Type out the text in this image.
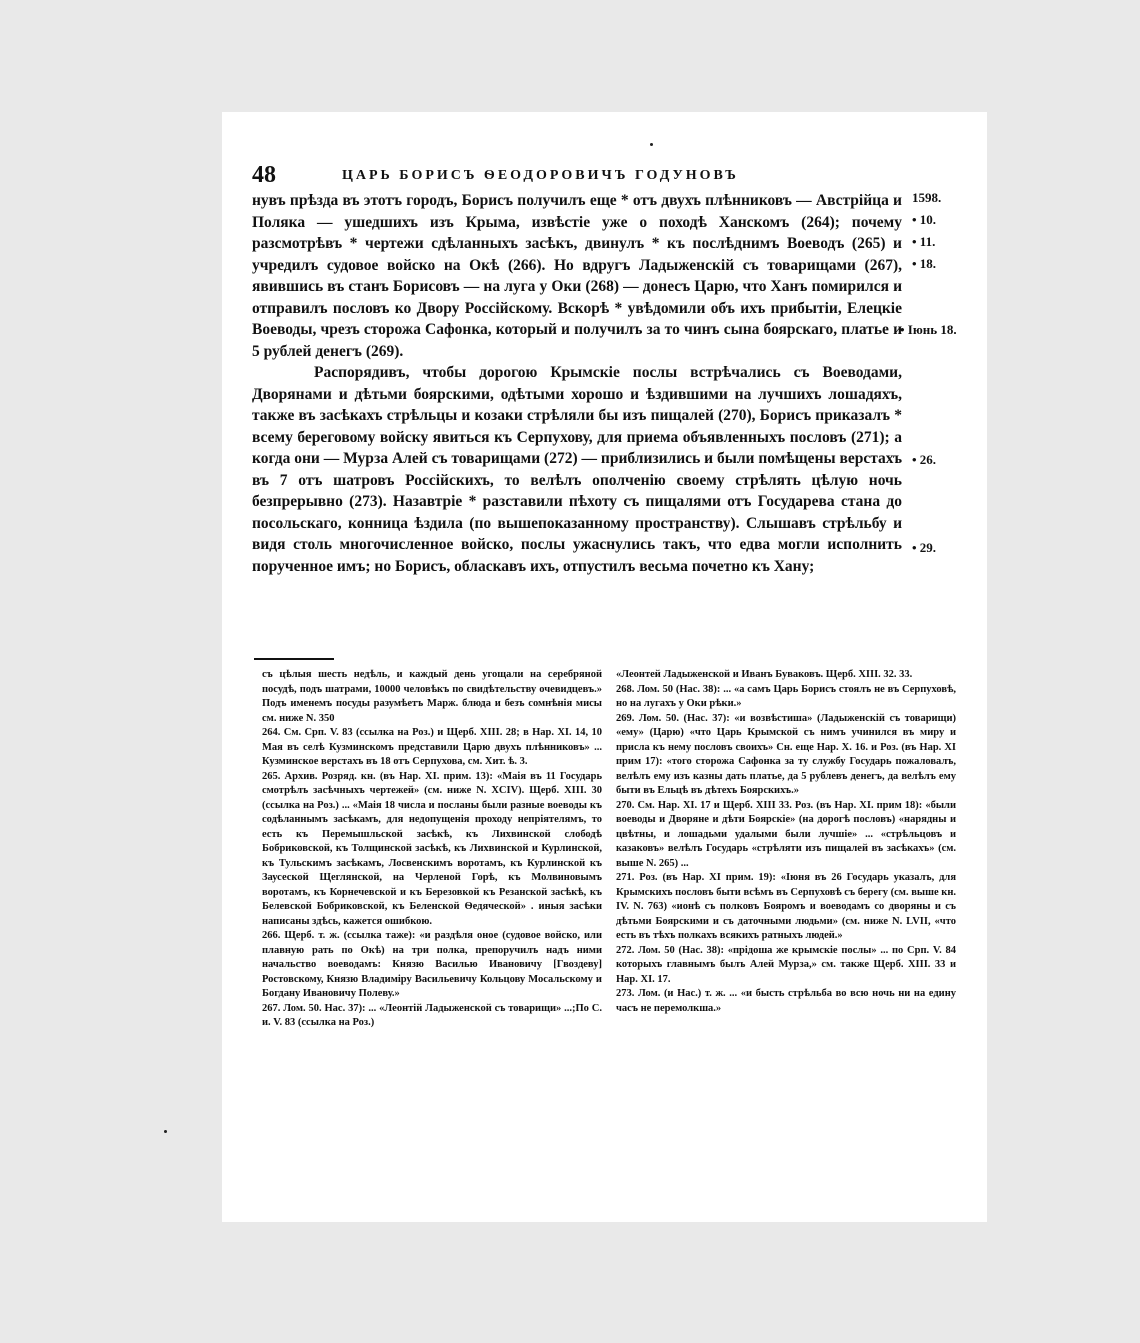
48	ЦАРЬ БОРИСЪ ѲЕОДОРОВИЧЪ ГОДУНОВЪ

нувъ прѣзда въ этотъ городъ, Борисъ получилъ еще * отъ двухъ плѣнниковъ — Австрійца и Поляка — ушедшихъ изъ Крыма, извѣстіе уже о походѣ Ханскомъ (264); почему разсмотрѣвъ * чертежи сдѣланныхъ засѣкъ, двинулъ * къ послѣднимъ Воеводъ (265) и учредилъ судовое войско на Окѣ (266). Но вдругъ Ладыженскій съ товарищами (267), явившись въ станъ Борисовъ — на луга у Оки (268) — донесъ Царю, что Ханъ помирился и отправилъ пословъ ко Двору Россійскому. Вскорѣ * увѣдомили объ ихъ прибытіи, Елецкіе Воеводы, чрезъ сторожа Сафонка, который и получилъ за то чинъ сына боярскаго, платье и 5 рублей денегъ (269).

Распорядивъ, чтобы дорогою Крымскіе послы встрѣчались съ Воеводами, Дворянами и дѣтьми боярскими, одѣтыми хорошо и ѣздившими на лучшихъ лошадяхъ, также въ засѣкахъ стрѣльцы и козаки стрѣляли бы изъ пищалей (270), Борисъ приказалъ * всему береговому войску явиться къ Серпухову, для приема объявленныхъ пословъ (271); а когда они — Мурза Алей съ товарищами (272) — приблизились и были помѣщены верстахъ въ 7 отъ шатровъ Россійскихъ, то велѣлъ ополченію своему стрѣлять цѣлую ночь безпрерывно (273). Назавтріе * разставили пѣхоту съ пищалями отъ Государева стана до посольскаго, конница ѣздила (по вышепоказанному пространству). Слышавъ стрѣльбу и видя столь многочисленное войско, послы ужаснулись такъ, что едва могли исполнить порученное имъ; но Борисъ, обласкавъ ихъ, отпустилъ весьма почетно къ Хану;

1598.
• 10.
• 11.
• 18.
• Іюнь 18.
• 26.
• 29.

съ цѣлыя шесть недѣль, и каждый день угощали на серебряной посудѣ, подъ шатрами, 10000 человѣкъ по свидѣтельству очевидцевъ.» Подъ именемъ посуды разумѣетъ Марж. блюда и безъ сомнѣнія мисы см. ниже N. 350

264. См. Срп. V. 83 (ссылка на Роз.) и Щерб. XIII. 28; в Нар. XI. 14, 10 Мая въ селѣ Кузминскомъ представили Царю двухъ плѣнниковъ» ... Кузминское верстахъ въ 18 отъ Серпухова, см. Хит. ѣ. 3.

265. Архив. Розряд. кн. (въ Нар. XI. прим. 13): «Маія въ 11 Государь смотрѣлъ засѣчныхъ чертежей» (см. ниже N. XCIV). Щерб. XIII. 30 (ссылка на Роз.) ... «Маія 18 числа и посланы были разные воеводы къ содѣланнымъ засѣкамъ, для недопущенія проходу непріятелямъ, то есть къ Перемышльской засѣкѣ, къ Лихвинской слободѣ Бобриковской, къ Толщинской засѣкѣ, къ Лихвинской и Курлинской, къ Тульскимъ засѣкамъ, Лосвенскимъ воротамъ, къ Курлинской къ Заусеской Щеглянской, на Черленой Горѣ, къ Молвиновымъ воротамъ, къ Корнечевской и къ Березовкой къ Резанской засѣкѣ, къ Белевской Бобриковской, къ Беленской Ѳедяческой» . иныя засѣки написаны здѣсь, кажется ошибкою.

266. Щерб. т. ж. (ссылка таже): «и раздѣля оное (судовое войско, или плавную рать по Окѣ) на три полка, препоручилъ надъ ними начальство воеводамъ: Князю Василью Ивановичу [Гвоздеву] Ростовскому, Князю Владиміру Васильевичу Кольцову Мосальскому и Богдану Ивановичу Полеву.»

267. Лом. 50. Нас. 37): ... «Леонтій Ладыженской съ товарищи» ...;По С. и. V. 83 (ссылка на Роз.)

«Леонтей Ладыженской и Иванъ Буваковъ. Щерб. XIII. 32. 33.

268. Лом. 50 (Нас. 38): ... «а самъ Царь Борисъ стоялъ не въ Серпуховѣ, но на лугахъ у Оки рѣки.»

269. Лом. 50. (Нас. 37): «и возвѣстиша» (Ладыженскій съ товарищи) «ему» (Царю) «что Царь Крымской съ нимъ учинился въ миру и присла къ нему пословъ своихъ» Сн. еще Нар. X. 16. и Роз. (въ Нар. XI прим 17): «того сторожа Сафонка за ту службу Государь пожаловалъ, велѣлъ ему изъ казны дать платье, да 5 рублевъ денегъ, да велѣлъ ему быти въ Ельцѣ въ дѣтехъ Боярскихъ.»

270. См. Нар. XI. 17 и Щерб. XIII 33. Роз. (въ Нар. XI. прим 18): «были воеводы и Дворяне и дѣти Боярскіе» (на дорогѣ пословъ) «нарядны и цвѣтны, и лошадьми удалыми были лучшіе» ... «стрѣльцовъ и казаковъ» велѣлъ Государь «стрѣляти изъ пищалей въ засѣкахъ» (см. выше N. 265) ...

271. Роз. (въ Нар. XI прим. 19): «Іюня въ 26 Государь указалъ, для Крымскихъ пословъ быти всѣмъ въ Серпуховѣ съ берегу (см. выше кн. IV. N. 763) «ионѣ съ полковъ Бояромъ и воеводамъ со дворяны и съ дѣтьми Боярскими и съ даточными людьми» (см. ниже N. LVII, «что есть въ тѣхъ полкахъ всякихъ ратныхъ людей.»

272. Лом. 50 (Нас. 38): «прідоша же крымскіе послы» ... по Срп. V. 84 которыхъ главнымъ былъ Алей Мурза,» см. также Щерб. XIII. 33 и Нар. XI. 17.

273. Лом. (и Нас.) т. ж. ... «и бысть стрѣльба во всю ночь ни на едину часъ не перемолкша.»
